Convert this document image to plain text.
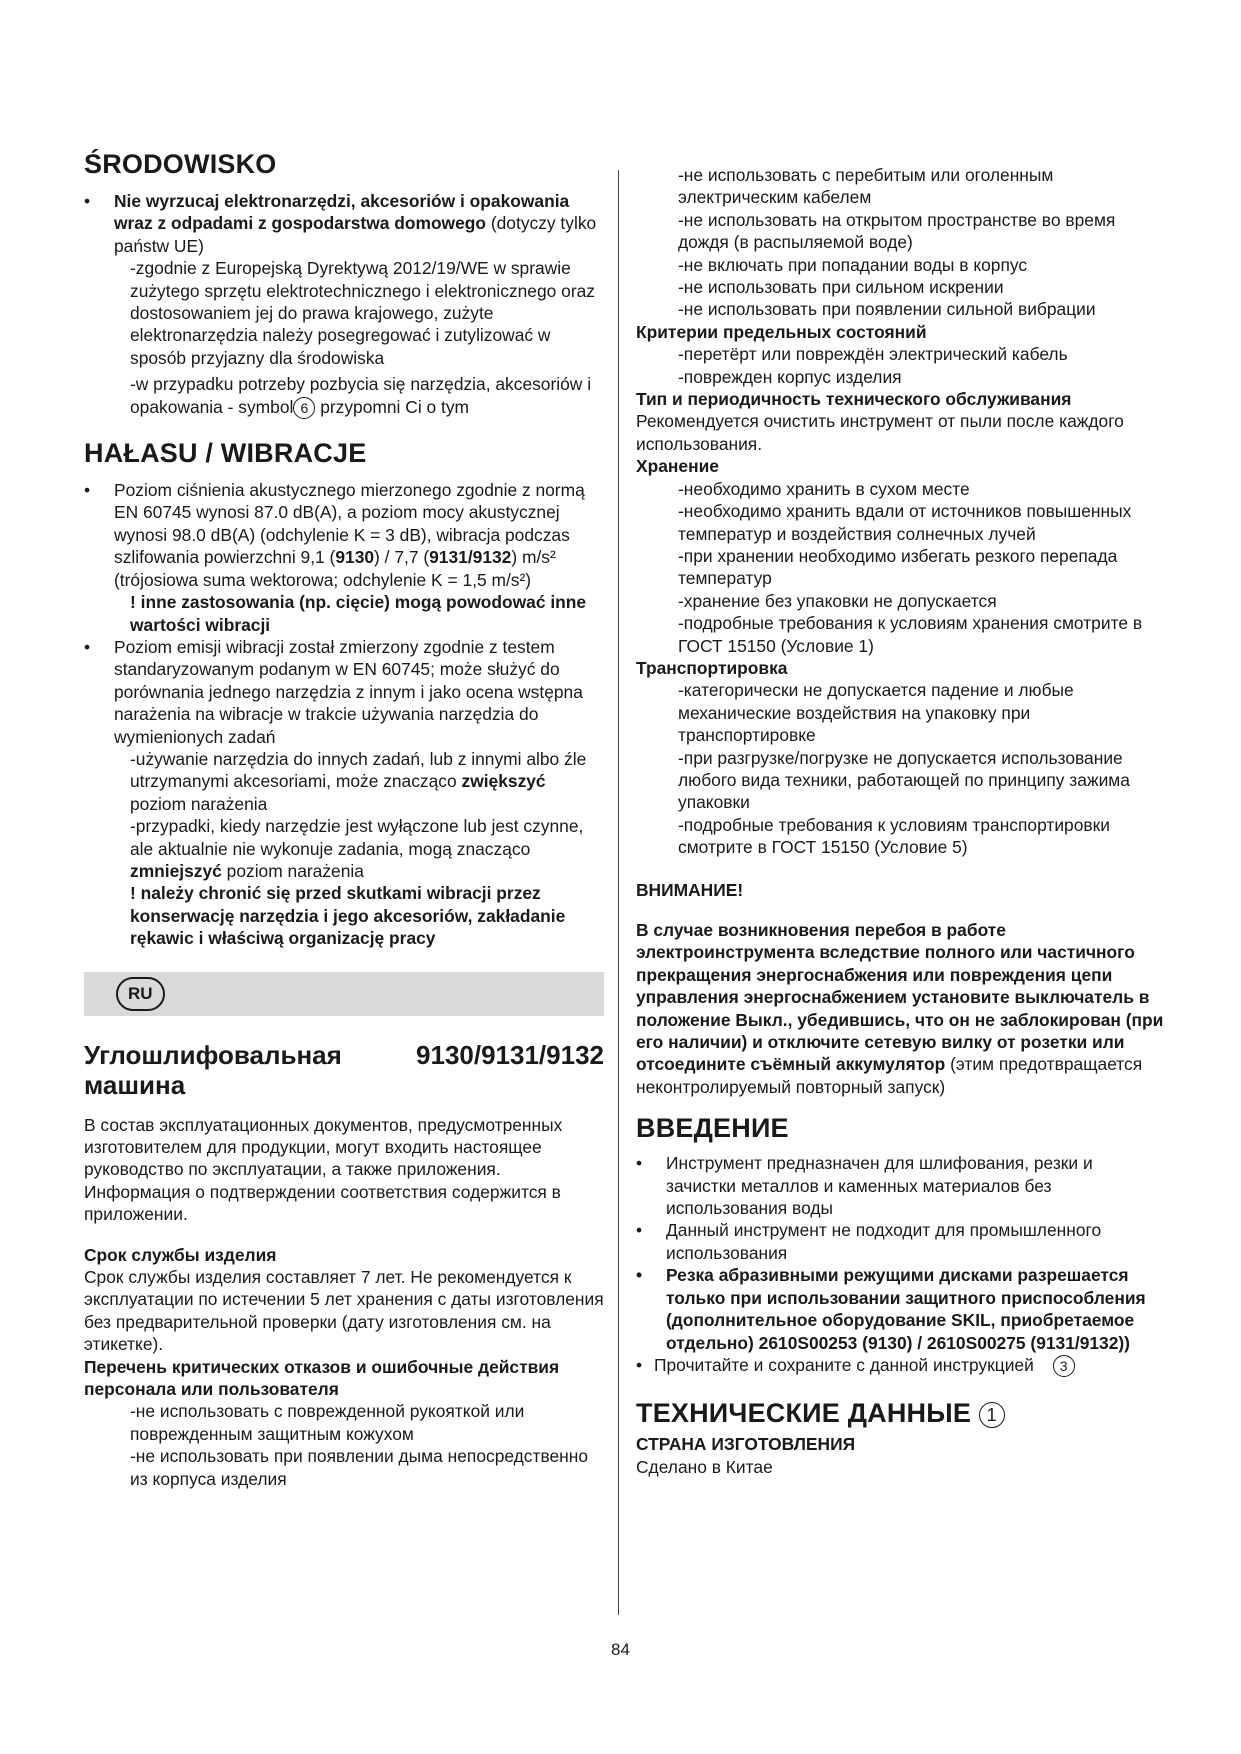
ŚRODOWISKO
•	Nie wyrzucaj elektronarzędzi, akcesoriów i opakowania wraz z odpadami z gospodarstwa domowego (dotyczy tylko państw UE)
-zgodnie z Europejską Dyrektywą 2012/19/WE w sprawie zużytego sprzętu elektrotechnicznego i elektronicznego oraz dostosowaniem jej do prawa krajowego, zużyte elektronarzędzia należy posegregować i zutylizować w sposób przyjazny dla środowiska
-w przypadku potrzeby pozbycia się narzędzia, akcesoriów i opakowania - symbol 6 przypomni Ci o tym
HAŁASU / WIBRACJE
•	Poziom ciśnienia akustycznego mierzonego zgodnie z normą EN 60745 wynosi 87.0 dB(A), a poziom mocy akustycznej wynosi 98.0 dB(A) (odchylenie K = 3 dB), wibracja podczas szlifowania powierzchni 9,1 (9130) / 7,7 (9131/9132) m/s² (trójosiowa suma wektorowa; odchylenie K = 1,5 m/s²)
! inne zastosowania (np. cięcie) mogą powodować inne wartości wibracji
•	Poziom emisji wibracji został zmierzony zgodnie z testem standaryzowanym podanym w EN 60745; może służyć do porównania jednego narzędzia z innym i jako ocena wstępna narażenia na wibracje w trakcie używania narzędzia do wymienionych zadań
-używanie narzędzia do innych zadań, lub z innymi albo źle utrzymanymi akcesoriami, może znacząco zwiększyć poziom narażenia
-przypadki, kiedy narzędzie jest wyłączone lub jest czynne, ale aktualnie nie wykonuje zadania, mogą znacząco zmniejszyć poziom narażenia
! należy chronić się przed skutkami wibracji przez konserwację narzędzia i jego akcesoriów, zakładanie rękawic i właściwą organizację pracy
RU
Углошлифовальная	9130/9131/9132
машина
В состав эксплуатационных документов, предусмотренных изготовителем для продукции, могут входить настоящее руководство по эксплуатации, а также приложения.
Информация о подтверждении соответствия содержится в приложении.
Срок службы изделия
Срок службы изделия составляет 7 лет. Не рекомендуется к эксплуатации по истечении 5 лет хранения с даты изготовления без предварительной проверки (дату изготовления см. на этикетке).
Перечень критических отказов и ошибочные действия персонала или пользователя
-не использовать с поврежденной рукояткой или поврежденным защитным кожухом
-не использовать при появлении дыма непосредственно из корпуса изделия
-не использовать с перебитым или оголенным электрическим кабелем
-не использовать на открытом пространстве во время дождя (в распыляемой воде)
-не включать при попадании воды в корпус
-не использовать при сильном искрении
-не использовать при появлении сильной вибрации
Критерии предельных состояний
-перетёрт или повреждён электрический кабель
-поврежден корпус изделия
Тип и периодичность технического обслуживания
Рекомендуется очистить инструмент от пыли после каждого использования.
Хранение
-необходимо хранить в сухом месте
-необходимо хранить вдали от источников повышенных температур и воздействия солнечных лучей
-при хранении необходимо избегать резкого перепада температур
-хранение без упаковки не допускается
-подробные требования к условиям хранения смотрите в ГОСТ 15150 (Условие 1)
Транспортировка
-категорически не допускается падение и любые механические воздействия на упаковку при транспортировке
-при разгрузке/погрузке не допускается использование любого вида техники, работающей по принципу зажима упаковки
-подробные требования к условиям транспортировки смотрите в ГОСТ 15150 (Условие 5)
ВНИМАНИЕ!
В случае возникновения перебоя в работе электроинструмента вследствие полного или частичного прекращения энергоснабжения или повреждения цепи управления энергоснабжением установите выключатель в положение Выкл., убедившись, что он не заблокирован (при его наличии) и отключите сетевую вилку от розетки или отсоедините съёмный аккумулятор (этим предотвращается неконтролируемый повторный запуск)
ВВЕДЕНИЕ
•	Инструмент предназначен для шлифования, резки и зачистки металлов и каменных материалов без использования воды
•	Данный инструмент не подходит для промышленного использования
•	Резка абразивными режущими дисками разрешается только при использовании защитного приспособления (дополнительное оборудование SKIL, приобретаемое отдельно) 2610S00253 (9130) / 2610S00275 (9131/9132))
• Прочитайте и сохраните с данной инструкцией 3
ТЕХНИЧЕСКИЕ ДАННЫЕ 1
СТРАНА ИЗГОТОВЛЕНИЯ
Сделано в Китае
84
